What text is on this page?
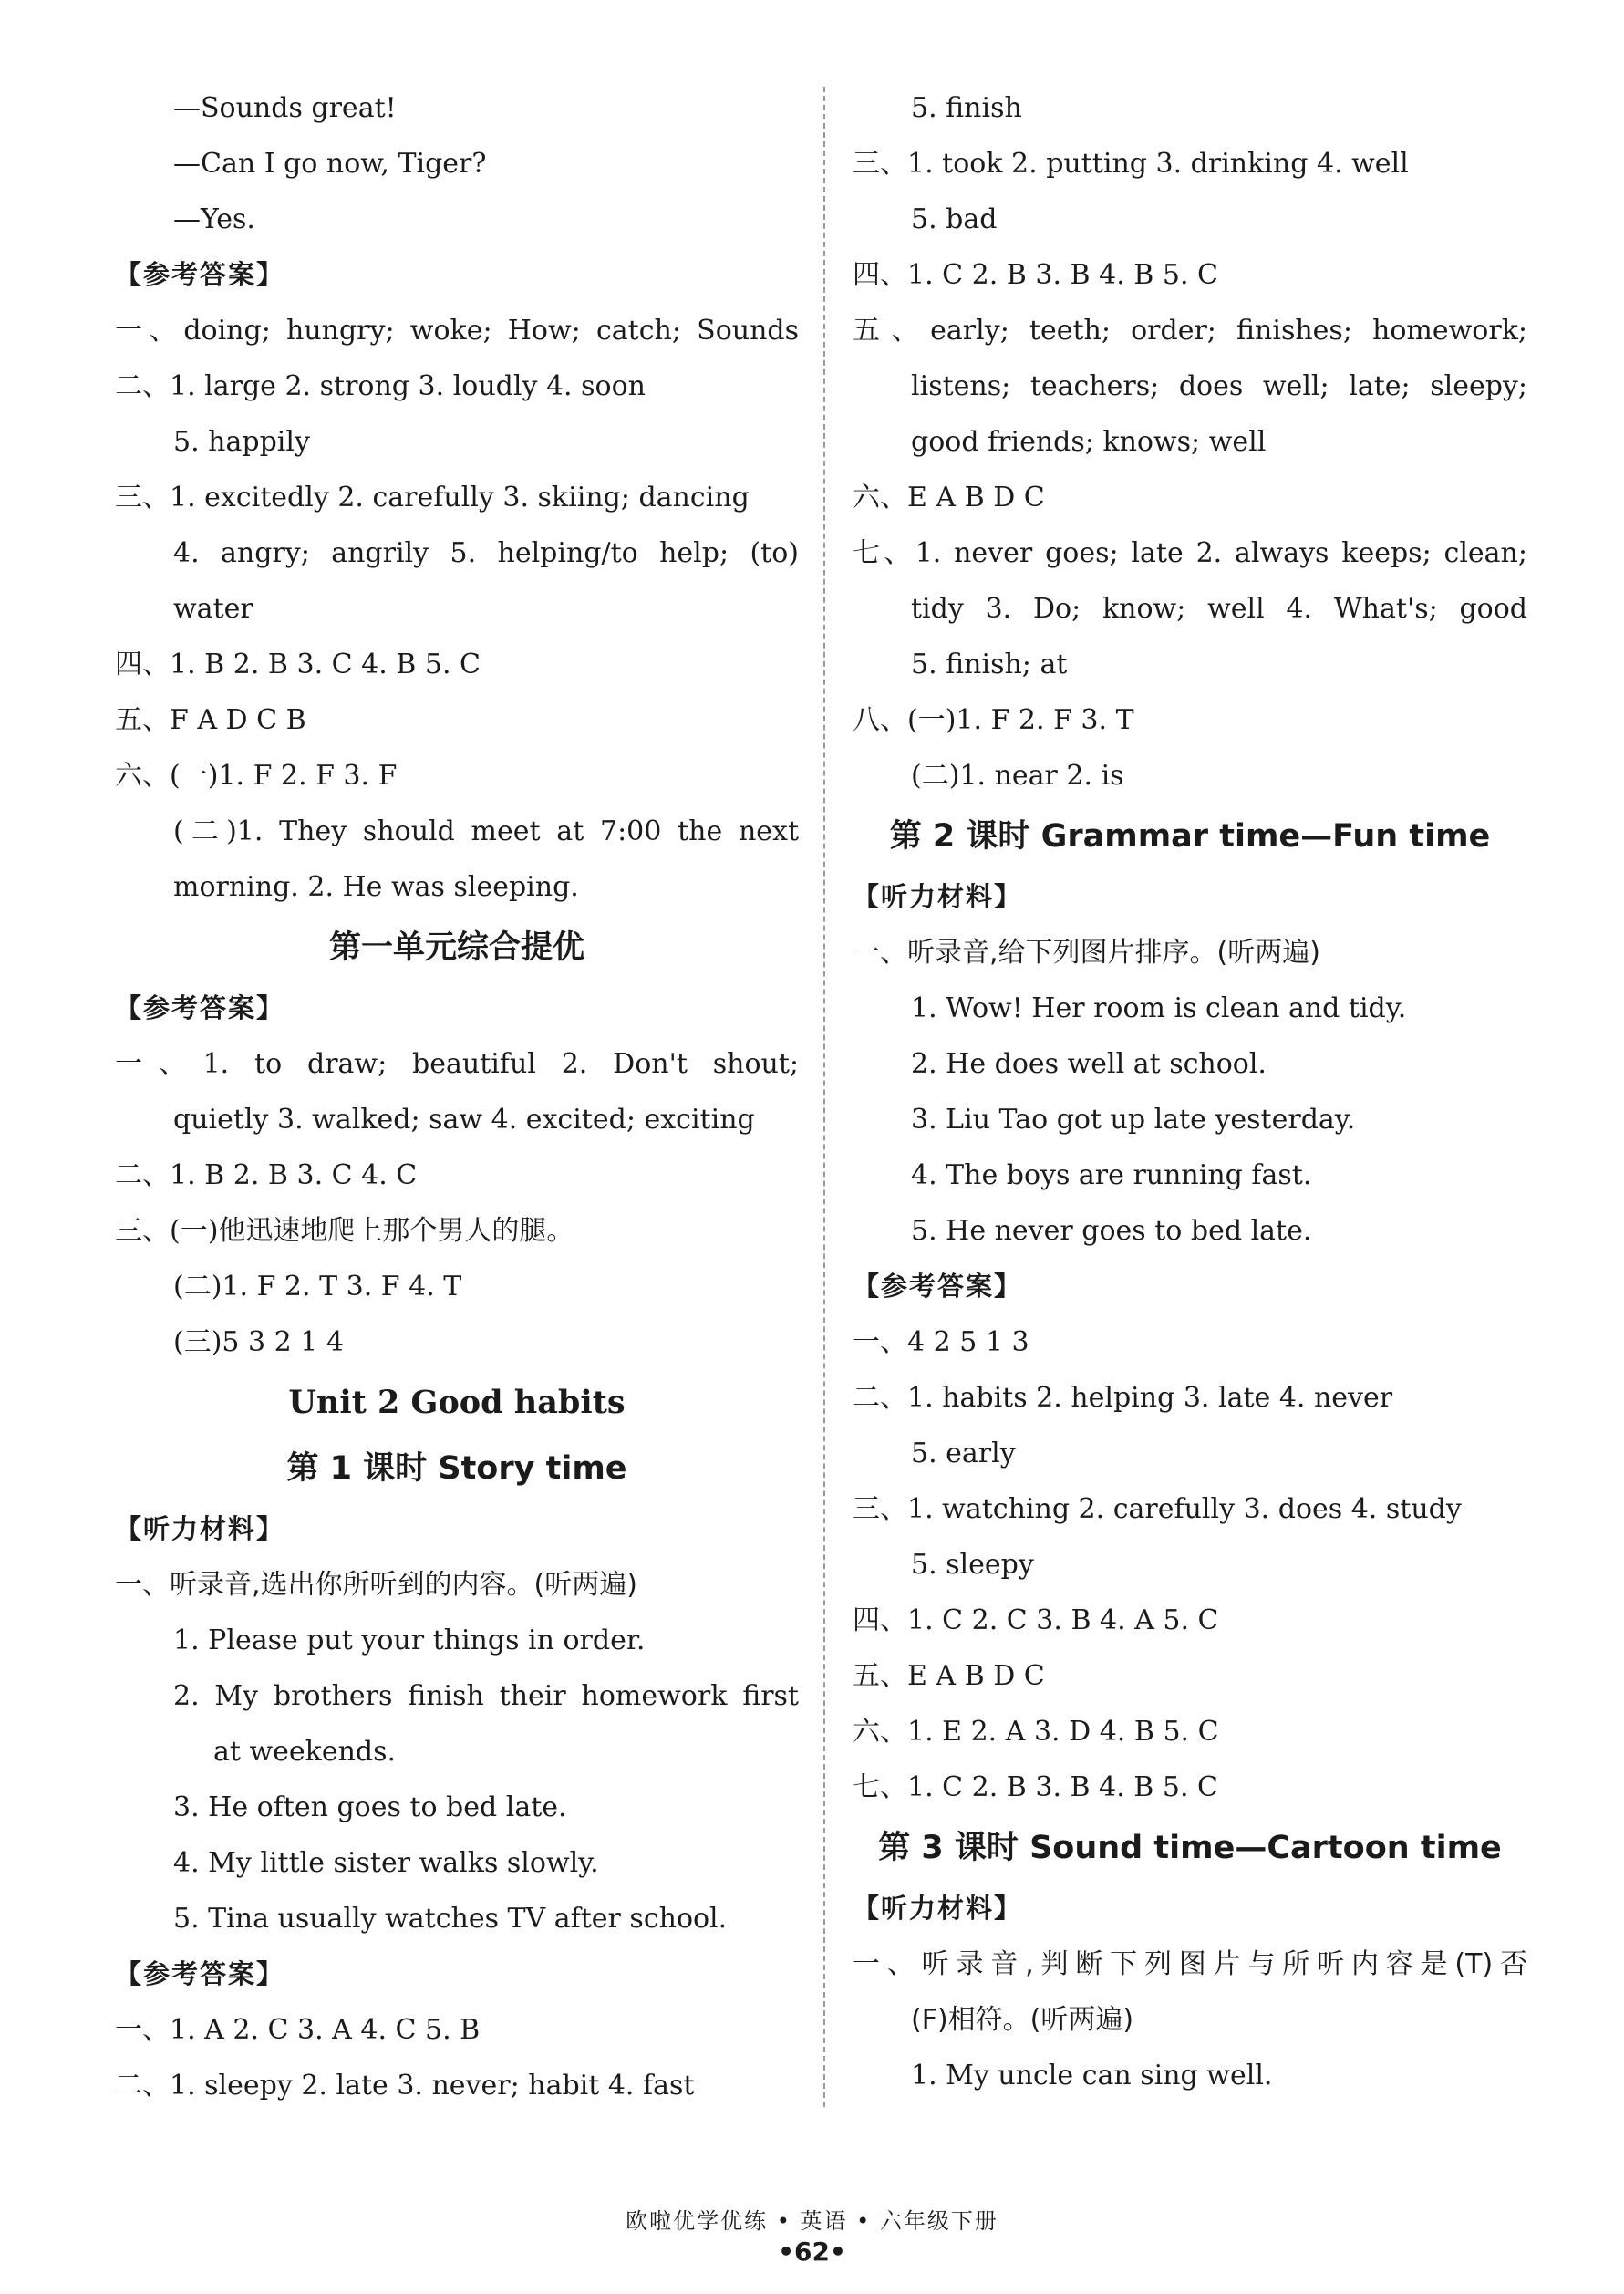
—Sounds great!
—Can I go now, Tiger?
—Yes.
【参考答案】
一、doing; hungry; woke; How; catch; Sounds
二、1. large 2. strong 3. loudly 4. soon
5. happily
三、1. excitedly 2. carefully 3. skiing; dancing
4. angry; angrily 5. helping/to help; (to)
water
四、1. B 2. B 3. C 4. B 5. C
五、F A D C B
六、(一)1. F 2. F 3. F
(二)1. They should meet at 7:00 the next
morning. 2. He was sleeping.
第一单元综合提优
【参考答案】
一、1. to draw; beautiful 2. Don't shout;
quietly 3. walked; saw 4. excited; exciting
二、1. B 2. B 3. C 4. C
三、(一)他迅速地爬上那个男人的腿。
(二)1. F 2. T 3. F 4. T
(三)5 3 2 1 4
Unit 2 Good habits
第 1 课时 Story time
【听力材料】
一、听录音,选出你所听到的内容。(听两遍)
1. Please put your things in order.
2. My brothers finish their homework first
at weekends.
3. He often goes to bed late.
4. My little sister walks slowly.
5. Tina usually watches TV after school.
【参考答案】
一、1. A 2. C 3. A 4. C 5. B
二、1. sleepy 2. late 3. never; habit 4. fast
5. finish
三、1. took 2. putting 3. drinking 4. well
5. bad
四、1. C 2. B 3. B 4. B 5. C
五、early; teeth; order; finishes; homework;
listens; teachers; does well; late; sleepy;
good friends; knows; well
六、E A B D C
七、1. never goes; late 2. always keeps; clean;
tidy 3. Do; know; well 4. What's; good
5. finish; at
八、(一)1. F 2. F 3. T
(二)1. near 2. is
第 2 课时 Grammar time—Fun time
【听力材料】
一、听录音,给下列图片排序。(听两遍)
1. Wow! Her room is clean and tidy.
2. He does well at school.
3. Liu Tao got up late yesterday.
4. The boys are running fast.
5. He never goes to bed late.
【参考答案】
一、4 2 5 1 3
二、1. habits 2. helping 3. late 4. never
5. early
三、1. watching 2. carefully 3. does 4. study
5. sleepy
四、1. C 2. C 3. B 4. A 5. C
五、E A B D C
六、1. E 2. A 3. D 4. B 5. C
七、1. C 2. B 3. B 4. B 5. C
第 3 课时 Sound time—Cartoon time
【听力材料】
一、听录音,判断下列图片与所听内容是(T)否
(F)相符。(听两遍)
1. My uncle can sing well.
欧啦优学优练 • 英语 • 六年级下册
•62•
